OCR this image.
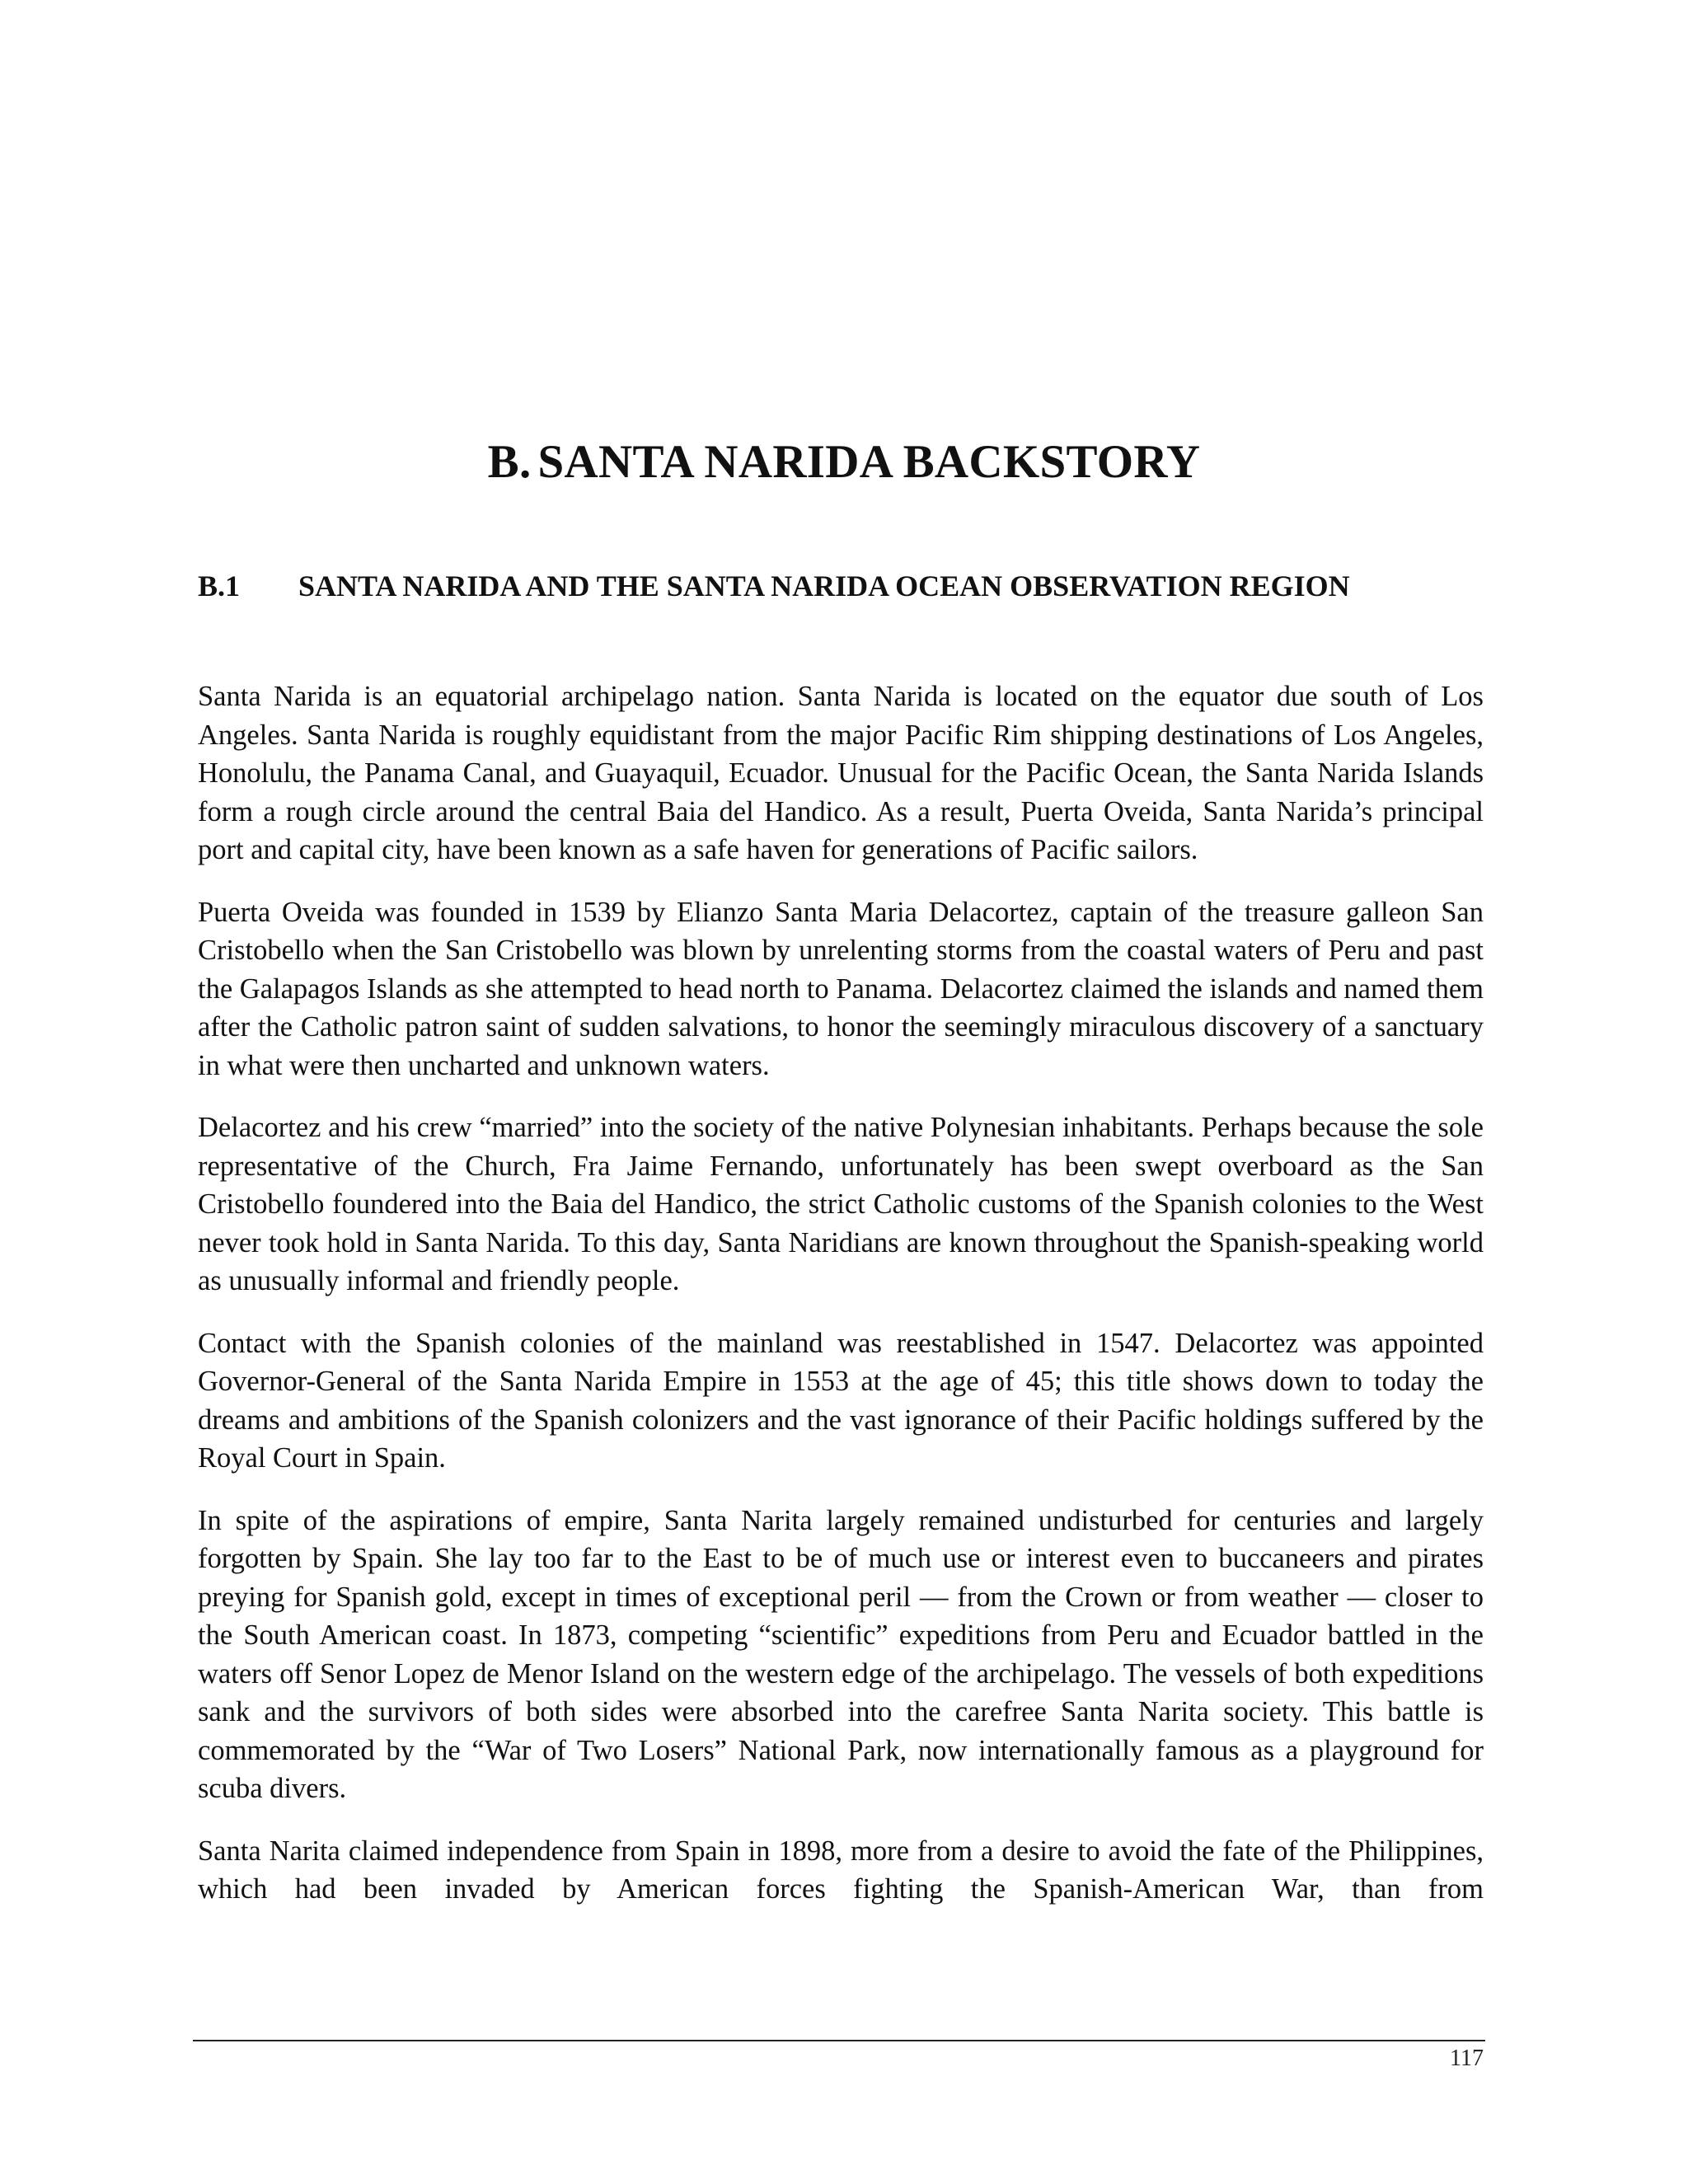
B. SANTA NARIDA BACKSTORY
B.1 SANTA NARIDA AND THE SANTA NARIDA OCEAN OBSERVATION REGION

Santa Narida is an equatorial archipelago nation. Santa Narida is located on the equator due south of Los Angeles. Santa Narida is roughly equidistant from the major Pacific Rim shipping destinations of Los Angeles, Honolulu, the Panama Canal, and Guayaquil, Ecuador. Unusual for the Pacific Ocean, the Santa Narida Islands form a rough circle around the central Baia del Handico. As a result, Puerta Oveida, Santa Narida’s principal port and capital city, have been known as a safe haven for generations of Pacific sailors.

Puerta Oveida was founded in 1539 by Elianzo Santa Maria Delacortez, captain of the treasure galleon San Cristobello when the San Cristobello was blown by unrelenting storms from the coastal waters of Peru and past the Galapagos Islands as she attempted to head north to Panama. Delacortez claimed the islands and named them after the Catholic patron saint of sudden salvations, to honor the seemingly miraculous discovery of a sanctuary in what were then uncharted and unknown waters.

Delacortez and his crew “married” into the society of the native Polynesian inhabitants. Perhaps because the sole representative of the Church, Fra Jaime Fernando, unfortunately has been swept overboard as the San Cristobello foundered into the Baia del Handico, the strict Catholic customs of the Spanish colonies to the West never took hold in Santa Narida. To this day, Santa Naridians are known throughout the Spanish-speaking world as unusually informal and friendly people.

Contact with the Spanish colonies of the mainland was reestablished in 1547. Delacortez was appointed Governor-General of the Santa Narida Empire in 1553 at the age of 45; this title shows down to today the dreams and ambitions of the Spanish colonizers and the vast ignorance of their Pacific holdings suffered by the Royal Court in Spain.

In spite of the aspirations of empire, Santa Narita largely remained undisturbed for centuries and largely forgotten by Spain. She lay too far to the East to be of much use or interest even to buccaneers and pirates preying for Spanish gold, except in times of exceptional peril — from the Crown or from weather — closer to the South American coast. In 1873, competing “scientific” expeditions from Peru and Ecuador battled in the waters off Senor Lopez de Menor Island on the western edge of the archipelago. The vessels of both expeditions sank and the survivors of both sides were absorbed into the carefree Santa Narita society. This battle is commemorated by the “War of Two Losers” National Park, now internationally famous as a playground for scuba divers.

Santa Narita claimed independence from Spain in 1898, more from a desire to avoid the fate of the Philippines, which had been invaded by American forces fighting the Spanish-American War, than from

117
